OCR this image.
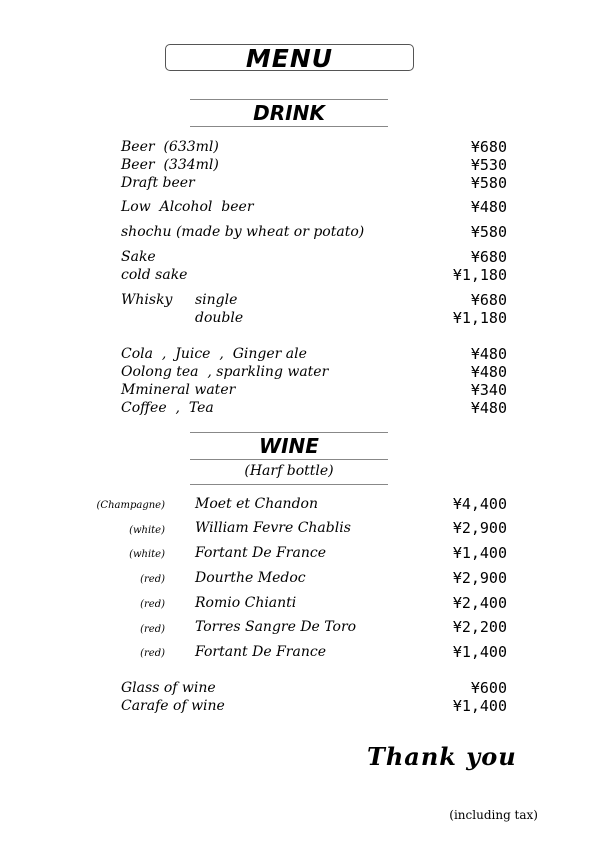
MENU
DRINK
Beer  (633ml)	¥680
Beer  (334ml)	¥530
Draft beer	¥580
Low  Alcohol  beer	¥480
shochu (made by wheat or potato)	¥580
Sake	¥680
cold sake	¥1,180
Whisky single	¥680
double	¥1,180
Cola  ,  Juice  ,  Ginger ale	¥480
Oolong tea  , sparkling water	¥480
Mmineral water	¥340
Coffee  ,  Tea	¥480
WINE
(Harf bottle)
(Champagne) Moet et Chandon	¥4,400
(white) William Fevre Chablis	¥2,900
(white) Fortant De France	¥1,400
(red) Dourthe Medoc	¥2,900
(red) Romio Chianti	¥2,400
(red) Torres Sangre De Toro	¥2,200
(red) Fortant De France	¥1,400
Glass of wine	¥600
Carafe of wine	¥1,400
Thank you
(including tax)
